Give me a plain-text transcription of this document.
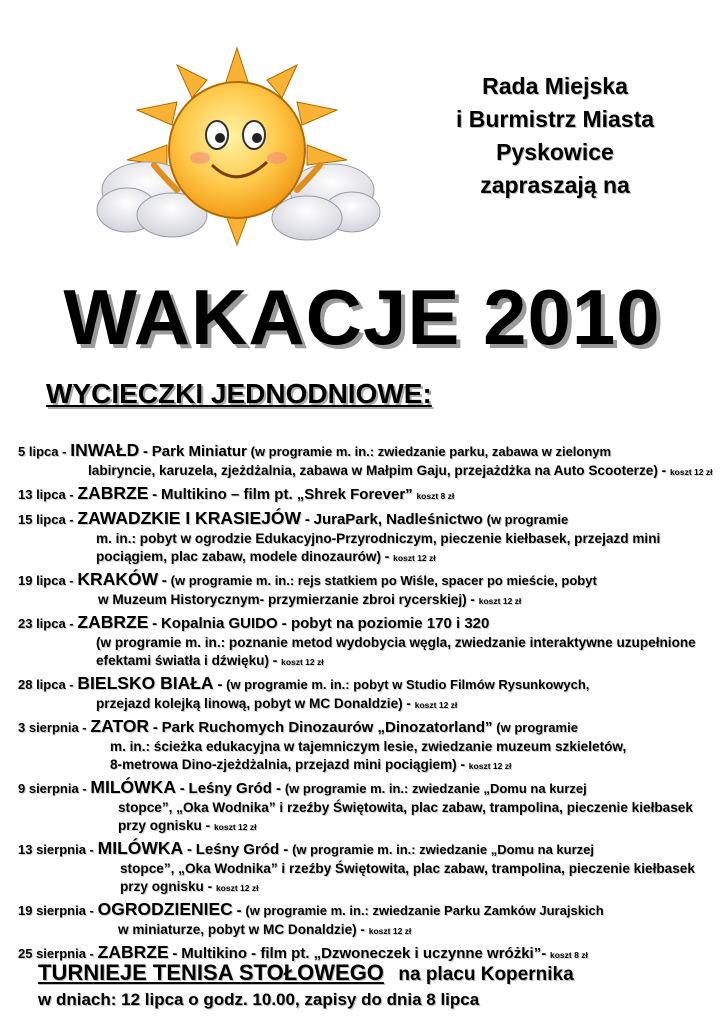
Rada Miejska
i Burmistrz Miasta
Pyskowice
zapraszają na
WAKACJE 2010
WYCIECZKI JEDNODNIOWE:
5 lipca - INWAŁD - Park Miniatur (w programie m. in.: zwiedzanie parku, zabawa w zielonym
labiryncie, karuzela, zjeżdżalnia, zabawa w Małpim Gaju, przejażdżka na Auto Scooterze) - koszt 12 zł
13 lipca - ZABRZE - Multikino – film pt. „Shrek Forever” koszt 8 zł
15 lipca - ZAWADZKIE I KRASIEJÓW - JuraPark, Nadleśnictwo (w programie
m. in.: pobyt w ogrodzie Edukacyjno-Przyrodniczym, pieczenie kiełbasek, przejazd mini
pociągiem, plac zabaw, modele dinozaurów) - koszt 12 zł
19 lipca - KRAKÓW - (w programie m. in.: rejs statkiem po Wiśle, spacer po mieście, pobyt
w Muzeum Historycznym- przymierzanie zbroi rycerskiej) - koszt 12 zł
23 lipca - ZABRZE - Kopalnia GUIDO - pobyt na poziomie 170 i 320
(w programie m. in.: poznanie metod wydobycia węgla, zwiedzanie interaktywne uzupełnione
efektami światła i dźwięku) - koszt 12 zł
28 lipca - BIELSKO BIAŁA - (w programie m. in.: pobyt w Studio Filmów Rysunkowych,
przejazd kolejką linową, pobyt w MC Donaldzie) - koszt 12 zł
3 sierpnia - ZATOR - Park Ruchomych Dinozaurów „Dinozatorland” (w programie
m. in.: ścieżka edukacyjna w tajemniczym lesie, zwiedzanie muzeum szkieletów,
8-metrowa Dino-zjeżdżalnia, przejazd mini pociągiem) - koszt 12 zł
9 sierpnia - MILÓWKA - Leśny Gród - (w programie m. in.: zwiedzanie „Domu na kurzej
stopce”, „Oka Wodnika” i rzeźby Świętowita, plac zabaw, trampolina, pieczenie kiełbasek
przy ognisku - koszt 12 zł
13 sierpnia - MILÓWKA - Leśny Gród - (w programie m. in.: zwiedzanie „Domu na kurzej
stopce”, „Oka Wodnika” i rzeźby Świętowita, plac zabaw, trampolina, pieczenie kiełbasek
przy ognisku - koszt 12 zł
19 sierpnia - OGRODZIENIEC - (w programie m. in.: zwiedzanie Parku Zamków Jurajskich
w miniaturze, pobyt w MC Donaldzie) - koszt 12 zł
25 sierpnia - ZABRZE - Multikino - film pt. „Dzwoneczek i uczynne wróżki”- koszt 8 zł
TURNIEJE TENISA STOŁOWEGO na placu Kopernika
w dniach: 12 lipca o godz. 10.00, zapisy do dnia 8 lipca
